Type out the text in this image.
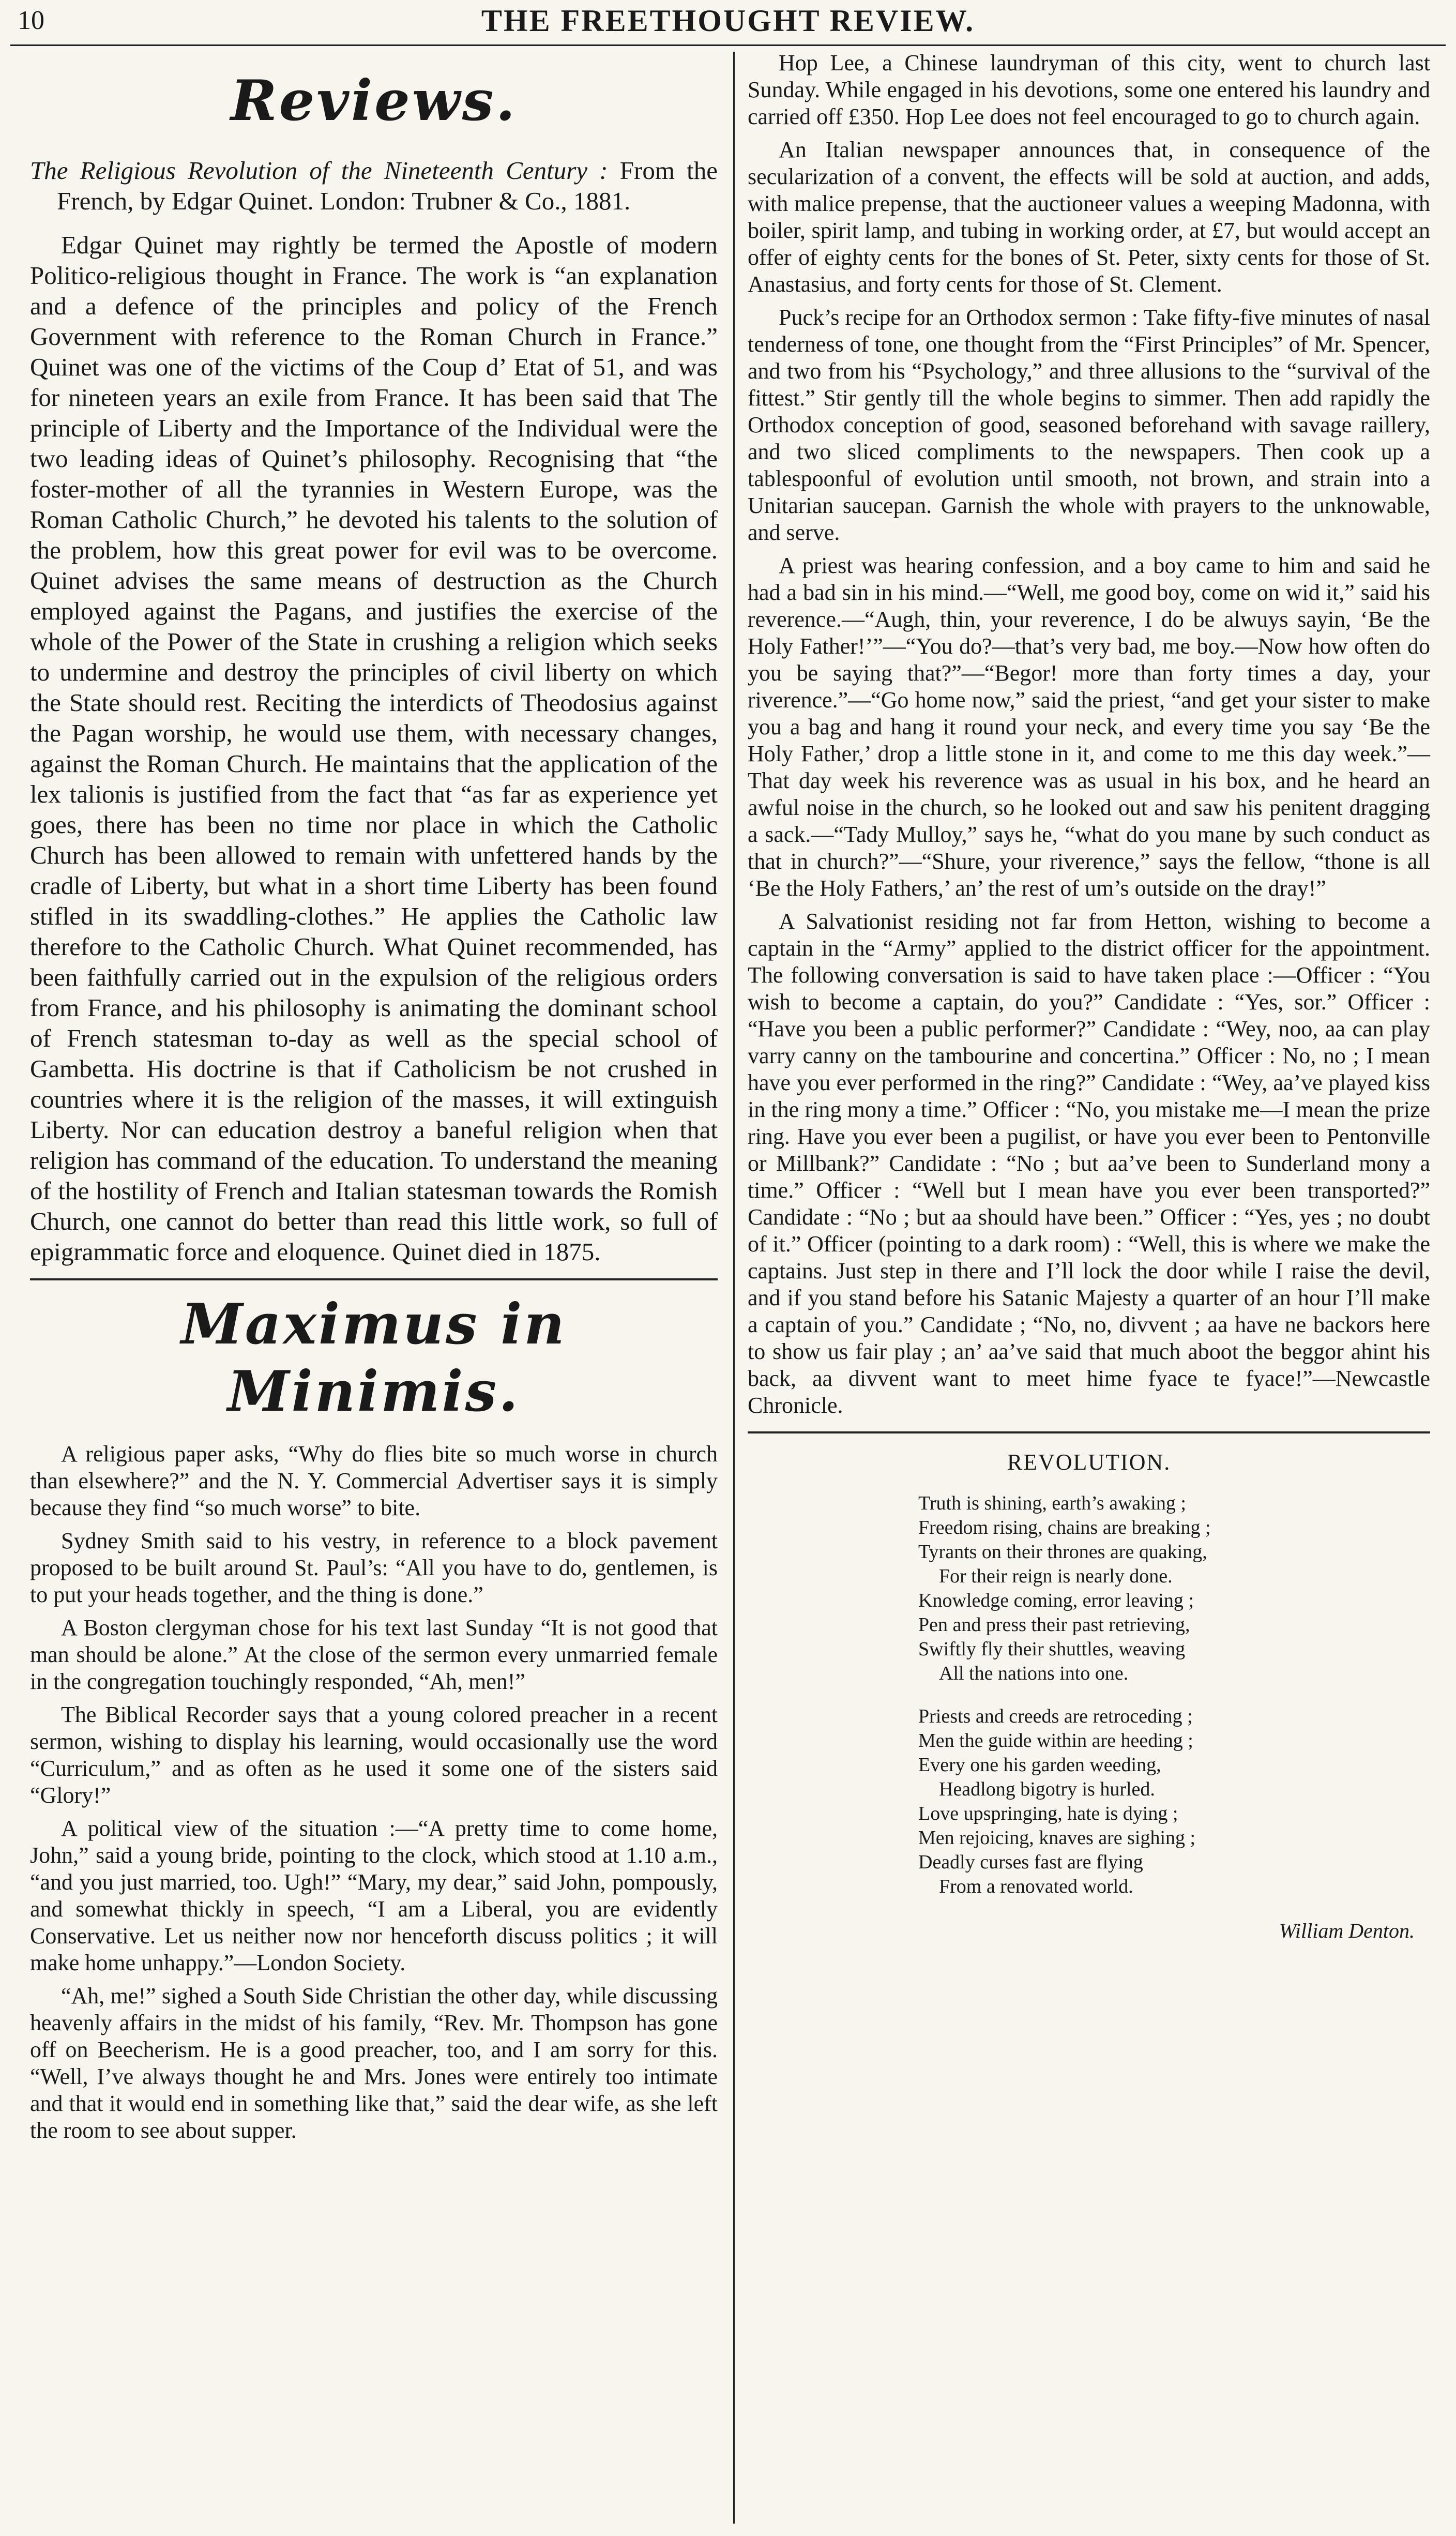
10	THE FREETHOUGHT REVIEW.
Reviews.

The Religious Revolution of the Nineteenth Century : From the French, by Edgar Quinet. London: Trubner & Co., 1881.

Edgar Quinet may rightly be termed the Apostle of modern Politico-religious thought in France. The work is “an explanation and a defence of the principles and policy of the French Government with reference to the Roman Church in France.” Quinet was one of the victims of the Coup d’ Etat of 51, and was for nineteen years an exile from France. It has been said that The principle of Liberty and the Importance of the Individual were the two leading ideas of Quinet’s philosophy. Recognising that “the foster-mother of all the tyrannies in Western Europe, was the Roman Catholic Church,” he devoted his talents to the solution of the problem, how this great power for evil was to be overcome. Quinet advises the same means of destruction as the Church employed against the Pagans, and justifies the exercise of the whole of the Power of the State in crushing a religion which seeks to undermine and destroy the principles of civil liberty on which the State should rest. Reciting the interdicts of Theodosius against the Pagan worship, he would use them, with necessary changes, against the Roman Church. He maintains that the application of the lex talionis is justified from the fact that “as far as experience yet goes, there has been no time nor place in which the Catholic Church has been allowed to remain with unfettered hands by the cradle of Liberty, but what in a short time Liberty has been found stifled in its swaddling-clothes.” He applies the Catholic law therefore to the Catholic Church. What Quinet recommended, has been faithfully carried out in the expulsion of the religious orders from France, and his philosophy is animating the dominant school of French statesman to-day as well as the special school of Gambetta. His doctrine is that if Catholicism be not crushed in countries where it is the religion of the masses, it will extinguish Liberty. Nor can education destroy a baneful religion when that religion has command of the education. To understand the meaning of the hostility of French and Italian statesman towards the Romish Church, one cannot do better than read this little work, so full of epigrammatic force and eloquence. Quinet died in 1875.

Maximus in Minimis.

A religious paper asks, “Why do flies bite so much worse in church than elsewhere?” and the N. Y. Commercial Advertiser says it is simply because they find “so much worse” to bite.

Sydney Smith said to his vestry, in reference to a block pavement proposed to be built around St. Paul’s: “All you have to do, gentlemen, is to put your heads together, and the thing is done.”

A Boston clergyman chose for his text last Sunday “It is not good that man should be alone.” At the close of the sermon every unmarried female in the congregation touchingly responded, “Ah, men!”

The Biblical Recorder says that a young colored preacher in a recent sermon, wishing to display his learning, would occasionally use the word “Curriculum,” and as often as he used it some one of the sisters said “Glory!”

A political view of the situation :—“A pretty time to come home, John,” said a young bride, pointing to the clock, which stood at 1.10 a.m., “and you just married, too. Ugh!” “Mary, my dear,” said John, pompously, and somewhat thickly in speech, “I am a Liberal, you are evidently Conservative. Let us neither now nor henceforth discuss politics ; it will make home unhappy.”—London Society.

“Ah, me!” sighed a South Side Christian the other day, while discussing heavenly affairs in the midst of his family, “Rev. Mr. Thompson has gone off on Beecherism. He is a good preacher, too, and I am sorry for this. “Well, I’ve always thought he and Mrs. Jones were entirely too intimate and that it would end in something like that,” said the dear wife, as she left the room to see about supper.

Hop Lee, a Chinese laundryman of this city, went to church last Sunday. While engaged in his devotions, some one entered his laundry and carried off £350. Hop Lee does not feel encouraged to go to church again.

An Italian newspaper announces that, in consequence of the secularization of a convent, the effects will be sold at auction, and adds, with malice prepense, that the auctioneer values a weeping Madonna, with boiler, spirit lamp, and tubing in working order, at £7, but would accept an offer of eighty cents for the bones of St. Peter, sixty cents for those of St. Anastasius, and forty cents for those of St. Clement.

Puck’s recipe for an Orthodox sermon : Take fifty-five minutes of nasal tenderness of tone, one thought from the “First Principles” of Mr. Spencer, and two from his “Psychology,” and three allusions to the “survival of the fittest.” Stir gently till the whole begins to simmer. Then add rapidly the Orthodox conception of good, seasoned beforehand with savage raillery, and two sliced compliments to the newspapers. Then cook up a tablespoonful of evolution until smooth, not brown, and strain into a Unitarian saucepan. Garnish the whole with prayers to the unknowable, and serve.

A priest was hearing confession, and a boy came to him and said he had a bad sin in his mind.—“Well, me good boy, come on wid it,” said his reverence.—“Augh, thin, your reverence, I do be alwuys sayin, ‘Be the Holy Father!’”—“You do?—that’s very bad, me boy.—Now how often do you be saying that?”—“Begor! more than forty times a day, your riverence.”—“Go home now,” said the priest, “and get your sister to make you a bag and hang it round your neck, and every time you say ‘Be the Holy Father,’ drop a little stone in it, and come to me this day week.”—That day week his reverence was as usual in his box, and he heard an awful noise in the church, so he looked out and saw his penitent dragging a sack.—“Tady Mulloy,” says he, “what do you mane by such conduct as that in church?”—“Shure, your riverence,” says the fellow, “thone is all ‘Be the Holy Fathers,’ an’ the rest of um’s outside on the dray!”

A Salvationist residing not far from Hetton, wishing to become a captain in the “Army” applied to the district officer for the appointment. The following conversation is said to have taken place :—Officer : “You wish to become a captain, do you?” Candidate : “Yes, sor.” Officer : “Have you been a public performer?” Candidate : “Wey, noo, aa can play varry canny on the tambourine and concertina.” Officer : No, no ; I mean have you ever performed in the ring?” Candidate : “Wey, aa’ve played kiss in the ring mony a time.” Officer : “No, you mistake me—I mean the prize ring. Have you ever been a pugilist, or have you ever been to Pentonville or Millbank?” Candidate : “No ; but aa’ve been to Sunderland mony a time.” Officer : “Well but I mean have you ever been transported?” Candidate : “No ; but aa should have been.” Officer : “Yes, yes ; no doubt of it.” Officer (pointing to a dark room) : “Well, this is where we make the captains. Just step in there and I’ll lock the door while I raise the devil, and if you stand before his Satanic Majesty a quarter of an hour I’ll make a captain of you.” Candidate ; “No, no, divvent ; aa have ne backors here to show us fair play ; an’ aa’ve said that much aboot the beggor ahint his back, aa divvent want to meet hime fyace te fyace!”—Newcastle Chronicle.

REVOLUTION.
Truth is shining, earth’s awaking ;
Freedom rising, chains are breaking ;
Tyrants on their thrones are quaking,
For their reign is nearly done.
Knowledge coming, error leaving ;
Pen and press their past retrieving,
Swiftly fly their shuttles, weaving
All the nations into one.
Priests and creeds are retroceding ;
Men the guide within are heeding ;
Every one his garden weeding,
Headlong bigotry is hurled.
Love upspringing, hate is dying ;
Men rejoicing, knaves are sighing ;
Deadly curses fast are flying
From a renovated world.
William Denton.
